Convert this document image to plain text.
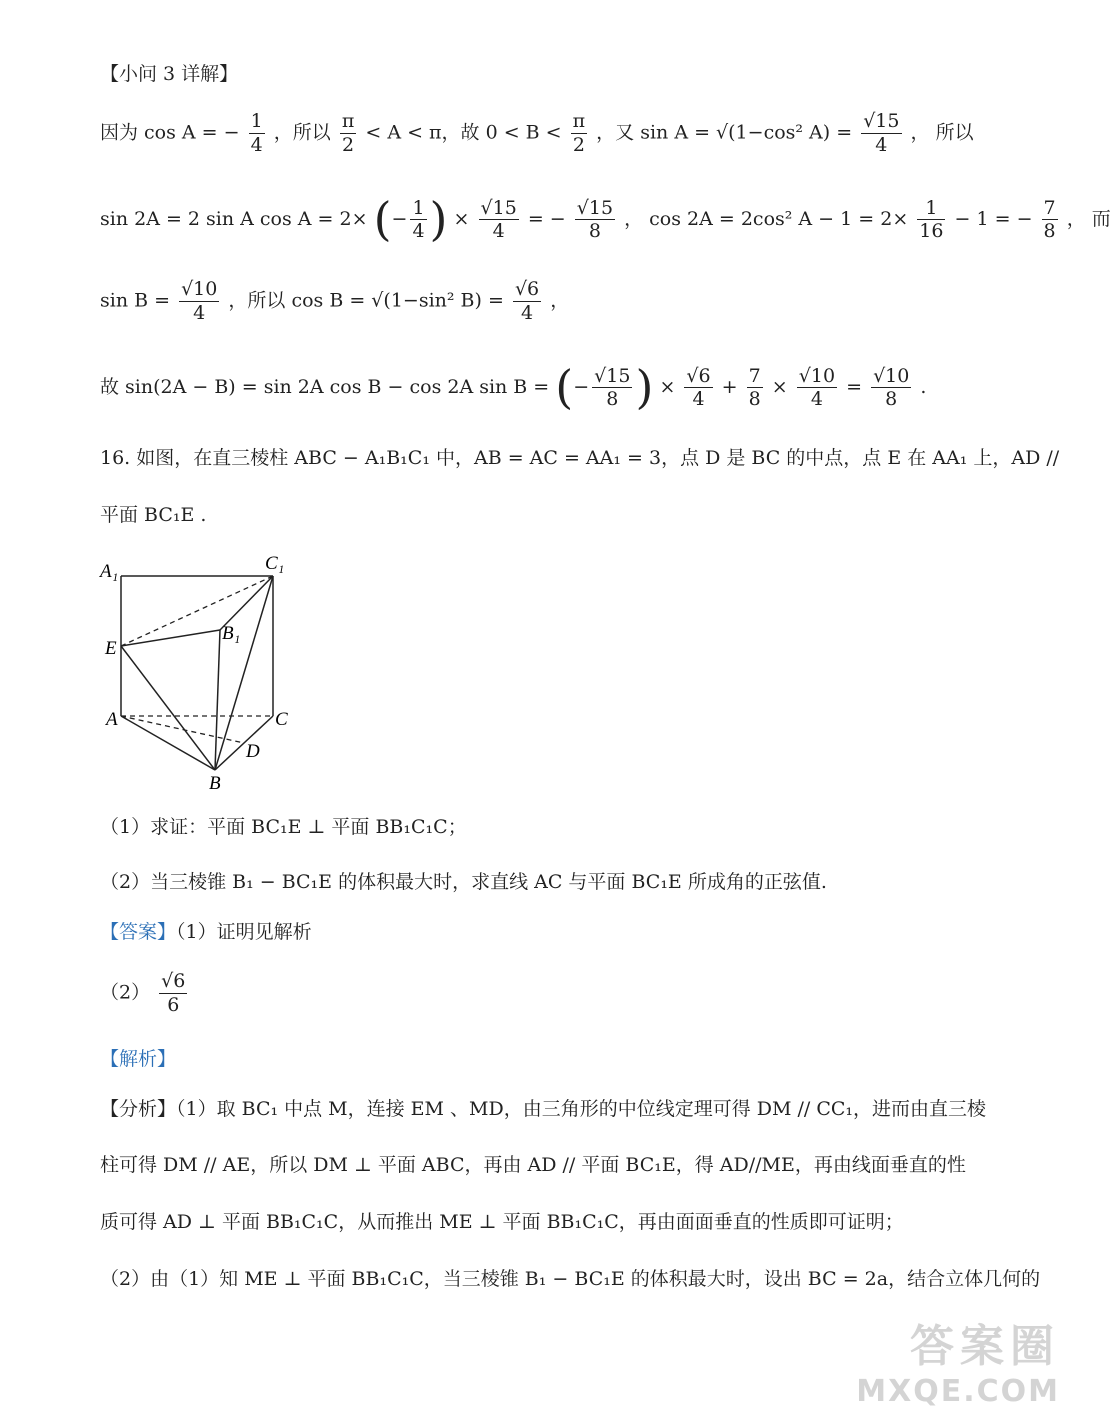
【小问 3 详解】
因为 cos A = − $\frac{1}{4}$ ，所以 $\frac{\pi}{2} < A < \pi$，故 $0 < B < \frac{\pi}{2}$ ，又 sin A = √(1−cos² $A) = \frac{√15}{4}$ ， 所以
sin 2A = 2 sin A cos A = 2× (− $\frac{1}{4}$ ) × $\frac{√15}{4}$ = − $\frac{√15}{8}$ ， cos 2A = 2cos² $A - 1 = 2\times \frac{1}{16} - 1$ = − $\frac{7}{8}$ ， 而
$\sin B = \frac{√10}{4}$ ，所以 cos B = √(1−sin² $B) = \frac{√6}{4}$ ，
故 sin(2A − B) = sin 2A cos B − cos 2A sin B = (− $\frac{√15}{8}$ ) × $\frac{√6}{4} + \frac{7}{8} \times \frac{√10}{4} = \frac{√10}{8}$ .
16. 如图，在直三棱柱 ABC − A₁B₁C₁ 中，AB = AC = AA₁ = 3，点 D 是 BC 的中点，点 E 在 AA₁ 上，AD //
平面 BC₁E .
A₁	C₁
B₁
E
A	C
D
B
（1）求证：平面 BC₁E ⊥ 平面 BB₁C₁C；
（2）当三棱锥 B₁ − BC₁E 的体积最大时，求直线 AC 与平面 BC₁E 所成角的正弦值.
【答案】（1）证明见解析
$(2) \frac{√6}{6}$
【解析】
【分析】（1）取 BC₁ 中点 M，连接 EM 、MD，由三角形的中位线定理可得 DM // CC₁，进而由直三棱
柱可得 DM // AE，所以 DM ⊥ 平面 ABC，再由 AD // 平面 BC₁E，得 AD//ME，再由线面垂直的性
质可得 AD ⊥ 平面 BB₁C₁C，从而推出 ME ⊥ 平面 BB₁C₁C，再由面面垂直的性质即可证明；
（2）由（1）知 ME ⊥ 平面 BB₁C₁C，当三棱锥 B₁ − BC₁E 的体积最大时，设出 BC = 2a，结合立体几何的
答案圈
MXQE.COM
